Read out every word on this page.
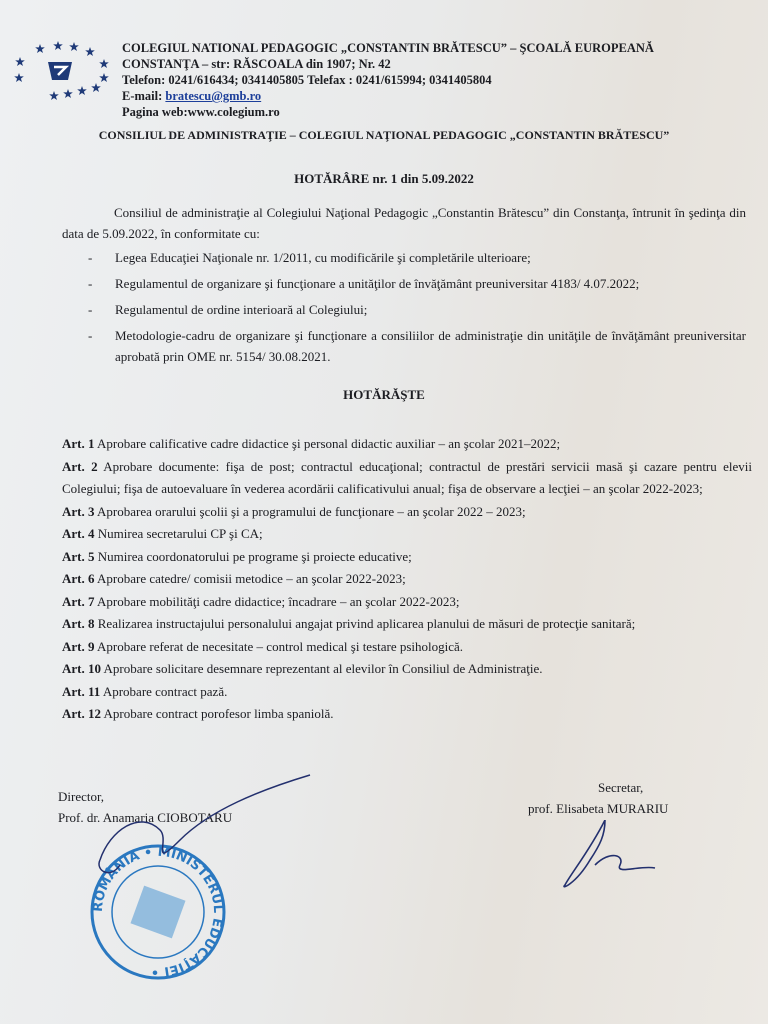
COLEGIUL NATIONAL PEDAGOGIC „CONSTANTIN BRĂTESCU” – ŞCOALĂ EUROPEANĂ
CONSTANŢA – str: RĂSCOALA din 1907; Nr. 42
Telefon: 0241/616434; 0341405805 Telefax : 0241/615994; 0341405804
E-mail: bratescu@gmb.ro
Pagina web:www.colegium.ro
CONSILIUL DE ADMINISTRAŢIE – COLEGIUL NAŢIONAL PEDAGOGIC „CONSTANTIN BRĂTESCU”
HOTĂRÂRE nr. 1 din 5.09.2022
Consiliul de administraţie al Colegiului Naţional Pedagogic „Constantin Brătescu” din Constanţa, întrunit în şedinţa din data de 5.09.2022, în conformitate cu:
- Legea Educaţiei Naţionale nr. 1/2011, cu modificările şi completările ulterioare;
- Regulamentul de organizare şi funcţionare a unităţilor de învăţământ preuniversitar 4183/ 4.07.2022;
- Regulamentul de ordine interioară al Colegiului;
- Metodologie-cadru de organizare şi funcţionare a consiliilor de administraţie din unităţile de învăţământ preuniversitar aprobată prin OME nr. 5154/ 30.08.2021.
HOTĂRĂŞTE
Art. 1 Aprobare calificative cadre didactice şi personal didactic auxiliar – an şcolar 2021–2022;
Art. 2 Aprobare documente: fişa de post; contractul educaţional; contractul de prestări servicii masă şi cazare pentru elevii Colegiului; fişa de autoevaluare în vederea acordării calificativului anual; fişa de observare a lecţiei – an şcolar 2022-2023;
Art. 3 Aprobarea orarului şcolii şi a programului de funcţionare – an şcolar 2022 – 2023;
Art. 4 Numirea secretarului CP şi CA;
Art. 5 Numirea coordonatorului pe programe şi proiecte educative;
Art. 6 Aprobare catedre/ comisii metodice – an şcolar 2022-2023;
Art. 7 Aprobare mobilităţi cadre didactice; încadrare – an şcolar 2022-2023;
Art. 8 Realizarea instructajului personalului angajat privind aplicarea planului de măsuri de protecţie sanitară;
Art. 9 Aprobare referat de necesitate – control medical şi testare psihologică.
Art. 10 Aprobare solicitare desemnare reprezentant al elevilor în Consiliul de Administraţie.
Art. 11 Aprobare contract pază.
Art. 12 Aprobare contract porofesor limba spaniolă.
Director,
Prof. dr. Anamaria CIOBOTARU
Secretar,
prof. Elisabeta MURARIU
ROMÂNIA • MINISTERUL EDUCAŢIEI •
